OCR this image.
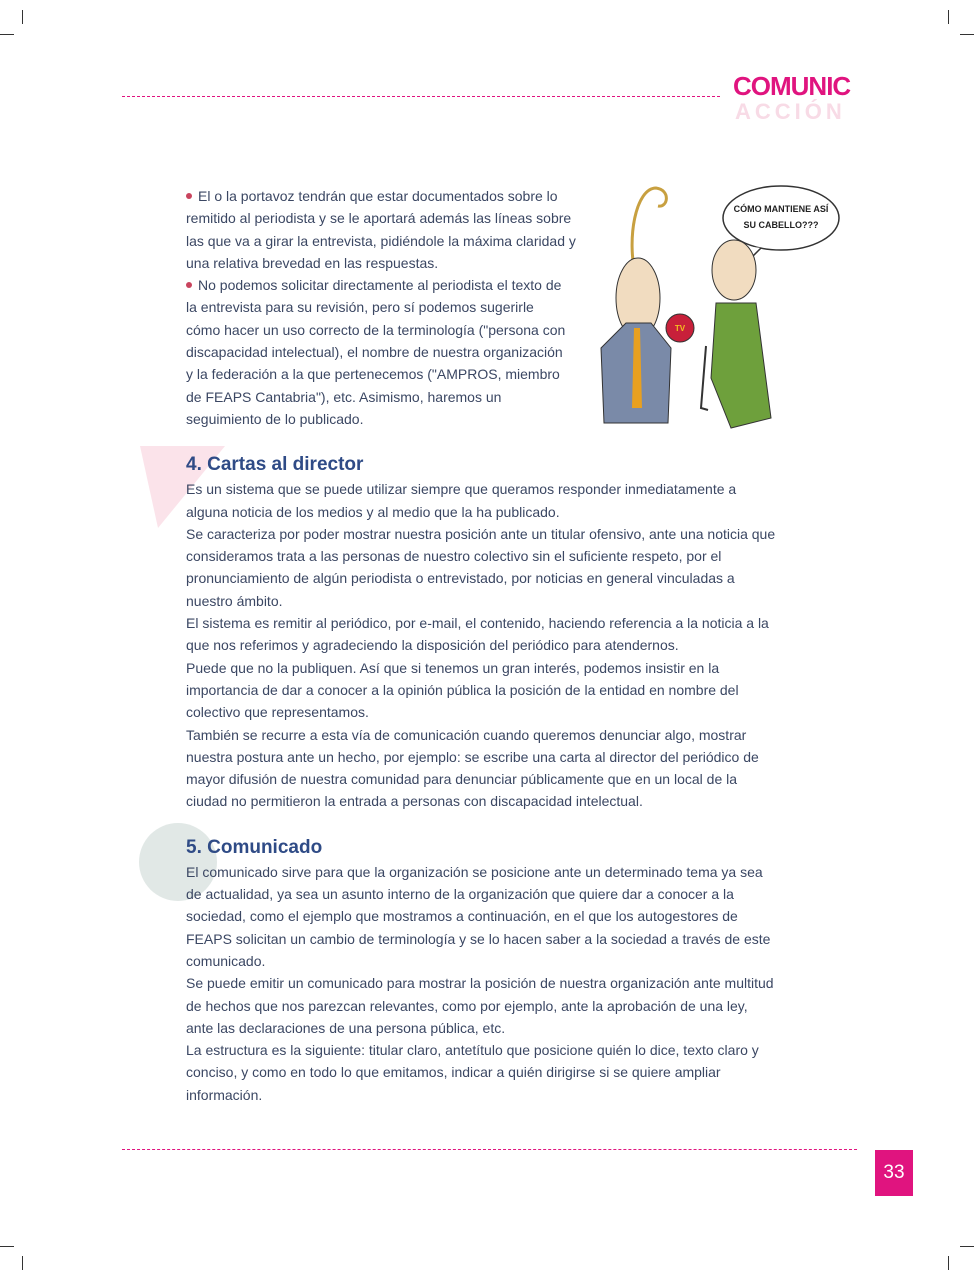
COMUNIC
ACCIÓN
CÓMO MANTIENE ASÍ
SU CABELLO???
TV

El o la portavoz tendrán que estar documentados sobre lo remitido al periodista y se le aportará además las líneas sobre las que va a girar la entrevista, pidiéndole la máxima claridad y una relativa brevedad en las respuestas.

No podemos solicitar directamente al periodista el texto de la entrevista para su revisión, pero sí podemos sugerirle cómo hacer un uso correcto de la terminología ("persona con discapacidad intelectual), el nombre de nuestra organización y la federación a la que pertenecemos ("AMPROS, miembro de FEAPS Cantabria"), etc. Asimismo, haremos un seguimiento de lo publicado.

4. Cartas al director

Es un sistema que se puede utilizar siempre que queramos responder inmediatamente a alguna noticia de los medios y al medio que la ha publicado.

Se caracteriza por poder mostrar nuestra posición ante un titular ofensivo, ante una noticia que consideramos trata a las personas de nuestro colectivo sin el suficiente respeto, por el pronunciamiento de algún periodista o entrevistado, por noticias en general vinculadas a nuestro ámbito.

El sistema es remitir al periódico, por e-mail, el contenido, haciendo referencia a la noticia a la que nos referimos y agradeciendo la disposición del periódico para atendernos.

Puede que no la publiquen. Así que si tenemos un gran interés, podemos insistir en la importancia de dar a conocer a la opinión pública la posición de la entidad en nombre del colectivo que representamos.

También se recurre a esta vía de comunicación cuando queremos denunciar algo, mostrar nuestra postura ante un hecho, por ejemplo: se escribe una carta al director del periódico de mayor difusión de nuestra comunidad para denunciar públicamente que en un local de la ciudad no permitieron la entrada a personas con discapacidad intelectual.

5. Comunicado

El comunicado sirve para que la organización se posicione ante un determinado tema ya sea de actualidad, ya sea un asunto interno de la organización que quiere dar a conocer a la sociedad, como el ejemplo que mostramos a continuación, en el que los autogestores de FEAPS solicitan un cambio de terminología y se lo hacen saber a la sociedad a través de este comunicado.

Se puede emitir un comunicado para mostrar la posición de nuestra organización ante multitud de hechos que nos parezcan relevantes, como por ejemplo, ante la aprobación de una ley, ante las declaraciones de una persona pública, etc.

La estructura es la siguiente: titular claro, antetítulo que posicione quién lo dice, texto claro y conciso, y como en todo lo que emitamos, indicar a quién dirigirse si se quiere ampliar información.

33
